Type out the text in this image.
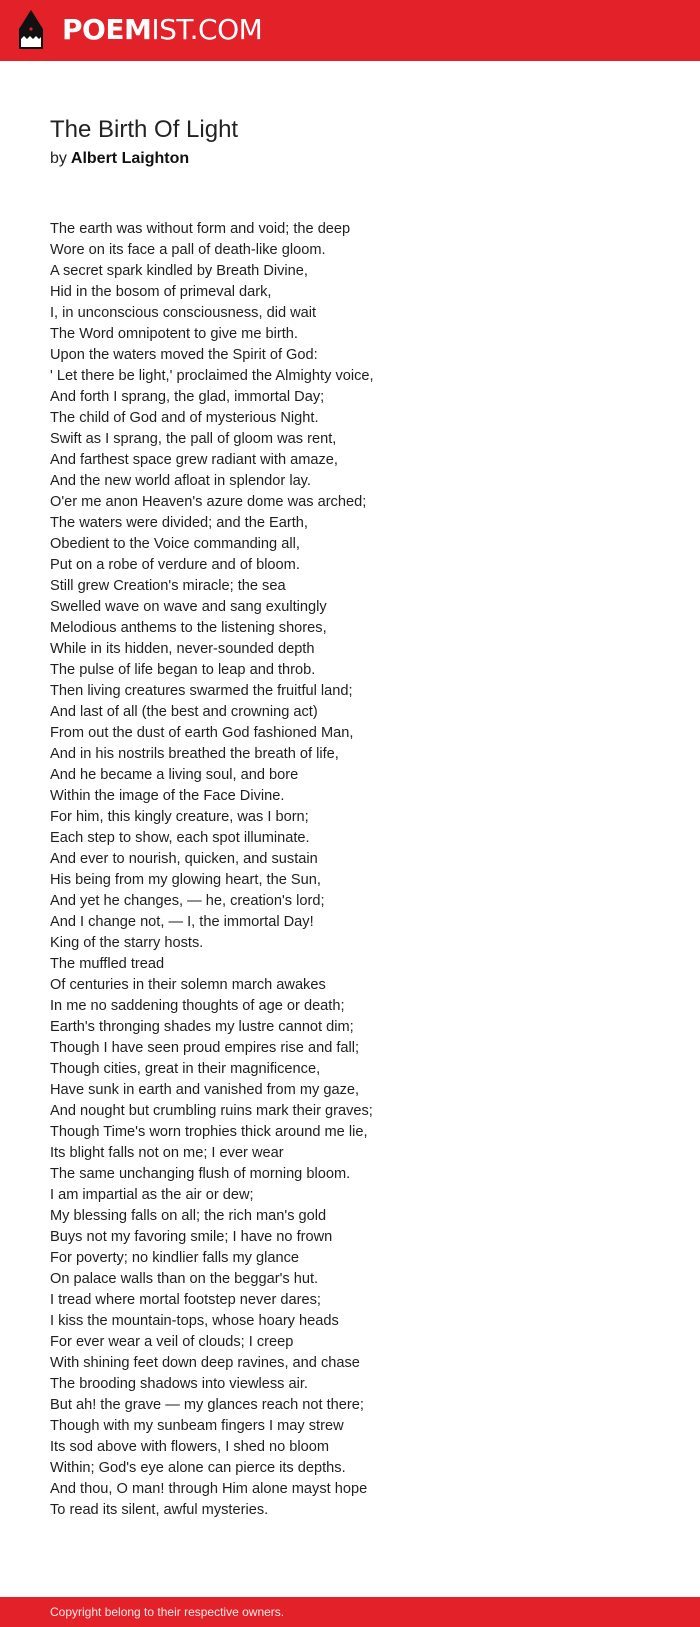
POEMIST.COM
The Birth Of Light
by Albert Laighton
The earth was without form and void; the deep
Wore on its face a pall of death-like gloom.
A secret spark kindled by Breath Divine,
Hid in the bosom of primeval dark,
I, in unconscious consciousness, did wait
The Word omnipotent to give me birth.
Upon the waters moved the Spirit of God:
' Let there be light,' proclaimed the Almighty voice,
And forth I sprang, the glad, immortal Day;
The child of God and of mysterious Night.
Swift as I sprang, the pall of gloom was rent,
And farthest space grew radiant with amaze,
And the new world afloat in splendor lay.
O'er me anon Heaven's azure dome was arched;
The waters were divided; and the Earth,
Obedient to the Voice commanding all,
Put on a robe of verdure and of bloom.
Still grew Creation's miracle; the sea
Swelled wave on wave and sang exultingly
Melodious anthems to the listening shores,
While in its hidden, never-sounded depth
The pulse of life began to leap and throb.
Then living creatures swarmed the fruitful land;
And last of all (the best and crowning act)
From out the dust of earth God fashioned Man,
And in his nostrils breathed the breath of life,
And he became a living soul, and bore
Within the image of the Face Divine.
For him, this kingly creature, was I born;
Each step to show, each spot illuminate.
And ever to nourish, quicken, and sustain
His being from my glowing heart, the Sun,
And yet he changes, — he, creation's lord;
And I change not, — I, the immortal Day!
King of the starry hosts.
The muffled tread
Of centuries in their solemn march awakes
In me no saddening thoughts of age or death;
Earth's thronging shades my lustre cannot dim;
Though I have seen proud empires rise and fall;
Though cities, great in their magnificence,
Have sunk in earth and vanished from my gaze,
And nought but crumbling ruins mark their graves;
Though Time's worn trophies thick around me lie,
Its blight falls not on me; I ever wear
The same unchanging flush of morning bloom.
I am impartial as the air or dew;
My blessing falls on all; the rich man's gold
Buys not my favoring smile; I have no frown
For poverty; no kindlier falls my glance
On palace walls than on the beggar's hut.
I tread where mortal footstep never dares;
I kiss the mountain-tops, whose hoary heads
For ever wear a veil of clouds; I creep
With shining feet down deep ravines, and chase
The brooding shadows into viewless air.
But ah! the grave — my glances reach not there;
Though with my sunbeam fingers I may strew
Its sod above with flowers, I shed no bloom
Within; God's eye alone can pierce its depths.
And thou, O man! through Him alone mayst hope
To read its silent, awful mysteries.
Copyright belong to their respective owners.
